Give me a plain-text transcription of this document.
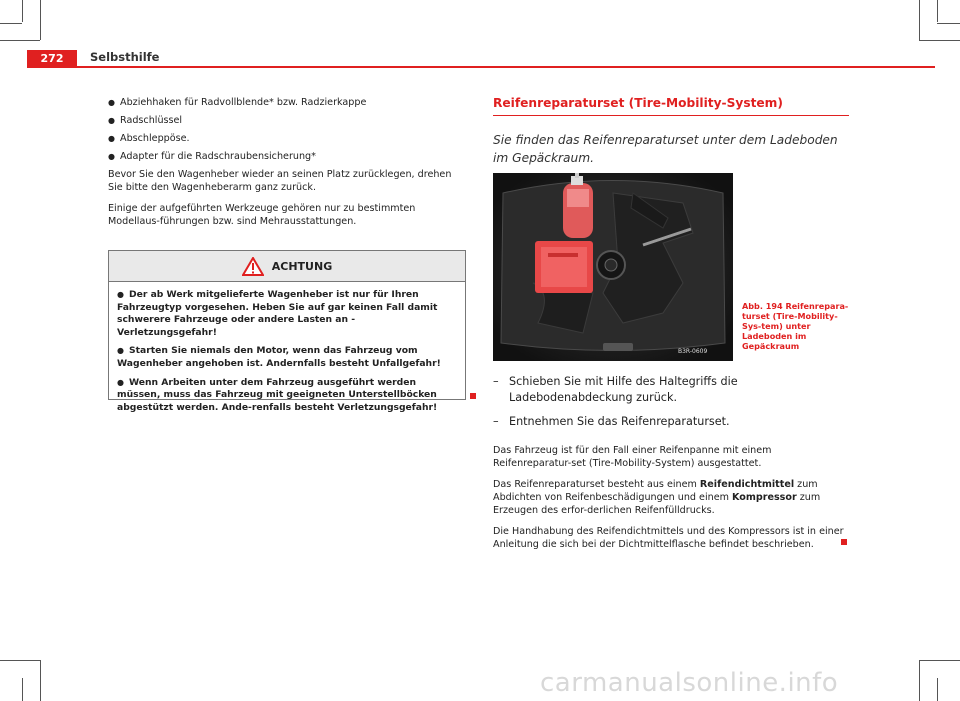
272	Selbsthilfe
● Abziehhaken für Radvollblende* bzw. Radzierkappe
● Radschlüssel
● Abschleppöse.
● Adapter für die Radschraubensicherung*

Bevor Sie den Wagenheber wieder an seinen Platz zurücklegen, drehen Sie bitte den Wagenheberarm ganz zurück.

Einige der aufgeführten Werkzeuge gehören nur zu bestimmten Modellaus-führungen bzw. sind Mehrausstattungen.

ACHTUNG

● Der ab Werk mitgelieferte Wagenheber ist nur für Ihren Fahrzeugtyp vorgesehen. Heben Sie auf gar keinen Fall damit schwerere Fahrzeuge oder andere Lasten an - Verletzungsgefahr!

● Starten Sie niemals den Motor, wenn das Fahrzeug vom Wagenheber angehoben ist. Andernfalls besteht Unfallgefahr!

● Wenn Arbeiten unter dem Fahrzeug ausgeführt werden müssen, muss das Fahrzeug mit geeigneten Unterstellböcken abgestützt werden. Ande-renfalls besteht Verletzungsgefahr!

Reifenreparaturset (Tire-Mobility-System)
Sie finden das Reifenreparaturset unter dem Ladeboden im Gepäckraum.
B3R-0609
Abb. 194 Reifenrepara-turset (Tire-Mobility-Sys-tem) unter Ladeboden im Gepäckraum
– Schieben Sie mit Hilfe des Haltegriffs die Ladebodenabdeckung zurück.
– Entnehmen Sie das Reifenreparaturset.

Das Fahrzeug ist für den Fall einer Reifenpanne mit einem Reifenreparatur-set (Tire-Mobility-System) ausgestattet.

Das Reifenreparaturset besteht aus einem Reifendichtmittel zum Abdichten von Reifenbeschädigungen und einem Kompressor zum Erzeugen des erfor-derlichen Reifenfülldrucks.

Die Handhabung des Reifendichtmittels und des Kompressors ist in einer Anleitung die sich bei der Dichtmittelflasche befindet beschrieben.

carmanualsonline.info
